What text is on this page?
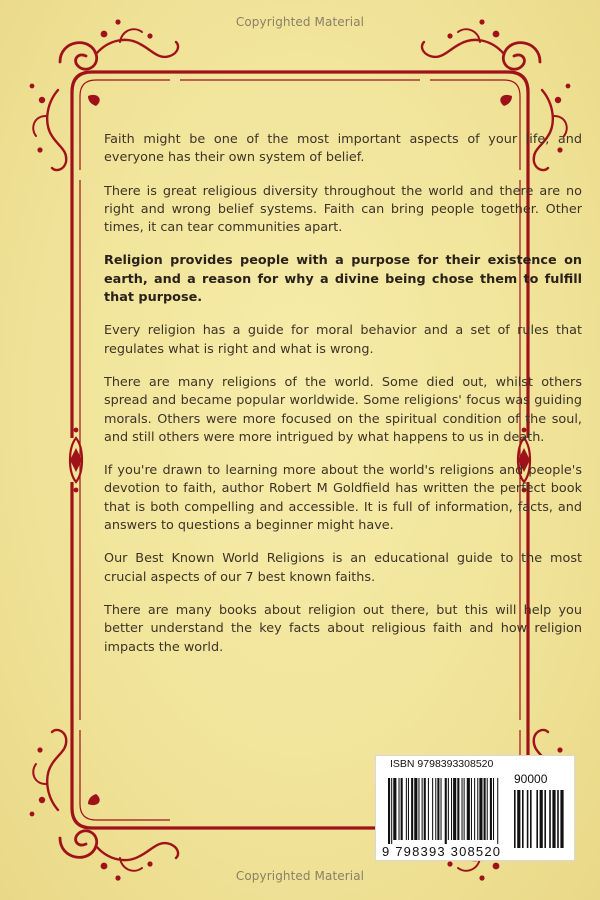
Copyrighted Material

Faith might be one of the most important aspects of your life, and everyone has their own system of belief.

There is great religious diversity throughout the world and there are no right and wrong belief systems. Faith can bring people together. Other times, it can tear communities apart.

Religion provides people with a purpose for their existence on earth, and a reason for why a divine being chose them to fulfill that purpose.

Every religion has a guide for moral behavior and a set of rules that regulates what is right and what is wrong.

There are many religions of the world. Some died out, whilst others spread and became popular worldwide. Some religions' focus was guiding morals. Others were more focused on the spiritual condition of the soul, and still others were more intrigued by what happens to us in death.

If you're drawn to learning more about the world's religions and people's devotion to faith, author Robert M Goldfield has written the perfect book that is both compelling and accessible. It is full of information, facts, and answers to questions a beginner might have.

Our Best Known World Religions is an educational guide to the most crucial aspects of our 7 best known faiths.

There are many books about religion out there, but this will help you better understand the key facts about religious faith and how religion impacts the world.

ISBN 9798393308520
90000
9 798393 308520
Copyrighted Material
